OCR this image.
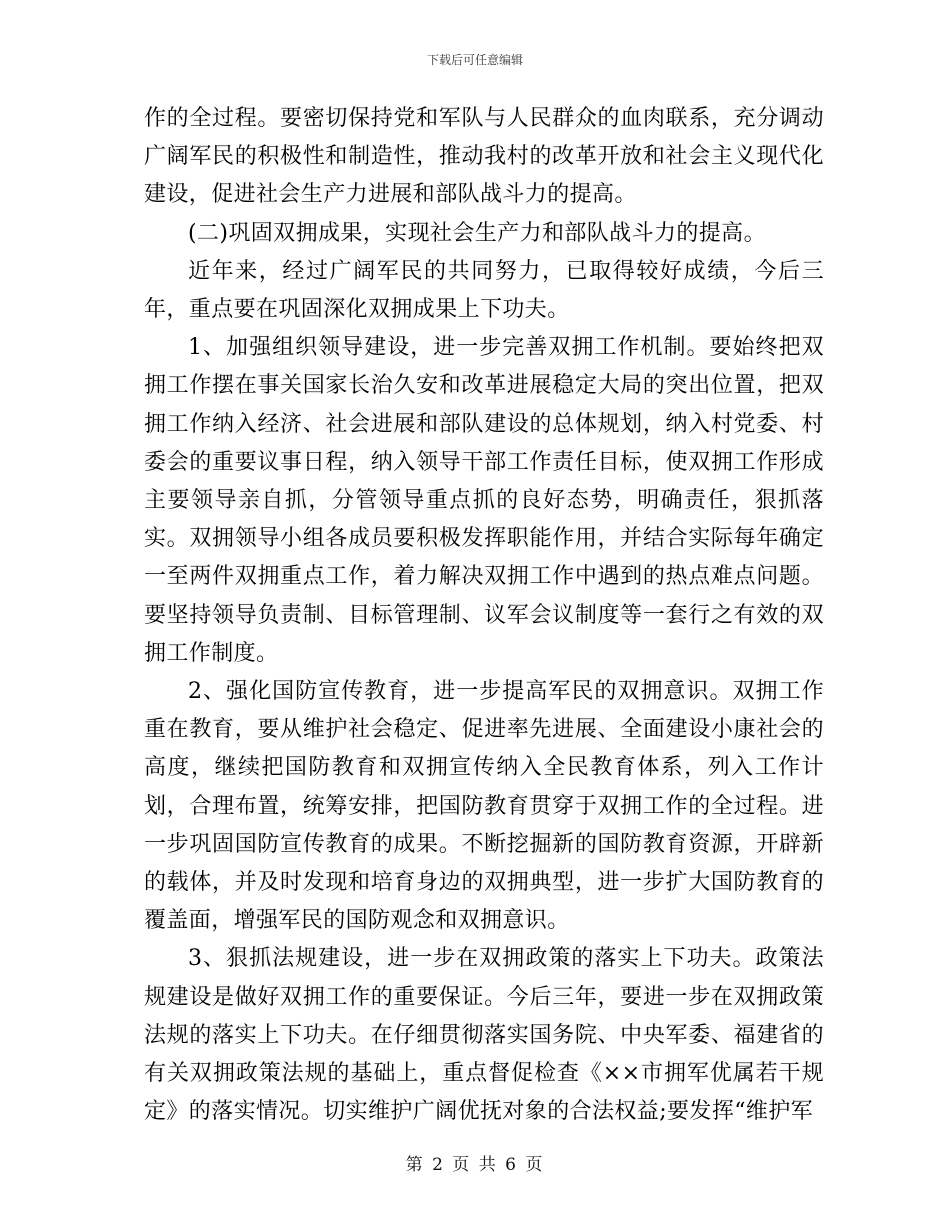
下载后可任意编辑

作的全过程。要密切保持党和军队与人民群众的血肉联系，充分调动广阔军民的积极性和制造性，推动我村的改革开放和社会主义现代化建设，促进社会生产力进展和部队战斗力的提高。

(二)巩固双拥成果，实现社会生产力和部队战斗力的提高。

近年来，经过广阔军民的共同努力，已取得较好成绩，今后三年，重点要在巩固深化双拥成果上下功夫。

1、加强组织领导建设，进一步完善双拥工作机制。要始终把双拥工作摆在事关国家长治久安和改革进展稳定大局的突出位置，把双拥工作纳入经济、社会进展和部队建设的总体规划，纳入村党委、村委会的重要议事日程，纳入领导干部工作责任目标，使双拥工作形成主要领导亲自抓，分管领导重点抓的良好态势，明确责任，狠抓落实。双拥领导小组各成员要积极发挥职能作用，并结合实际每年确定一至两件双拥重点工作，着力解决双拥工作中遇到的热点难点问题。要坚持领导负责制、目标管理制、议军会议制度等一套行之有效的双拥工作制度。

2、强化国防宣传教育，进一步提高军民的双拥意识。双拥工作重在教育，要从维护社会稳定、促进率先进展、全面建设小康社会的高度，继续把国防教育和双拥宣传纳入全民教育体系，列入工作计划，合理布置，统筹安排，把国防教育贯穿于双拥工作的全过程。进一步巩固国防宣传教育的成果。不断挖掘新的国防教育资源，开辟新的载体，并及时发现和培育身边的双拥典型，进一步扩大国防教育的覆盖面，增强军民的国防观念和双拥意识。

3、狠抓法规建设，进一步在双拥政策的落实上下功夫。政策法规建设是做好双拥工作的重要保证。今后三年，要进一步在双拥政策法规的落实上下功夫。在仔细贯彻落实国务院、中央军委、福建省的有关双拥政策法规的基础上，重点督促检查《××市拥军优属若干规定》的落实情况。切实维护广阔优抚对象的合法权益;要发挥“维护军

第 2 页 共 6 页
